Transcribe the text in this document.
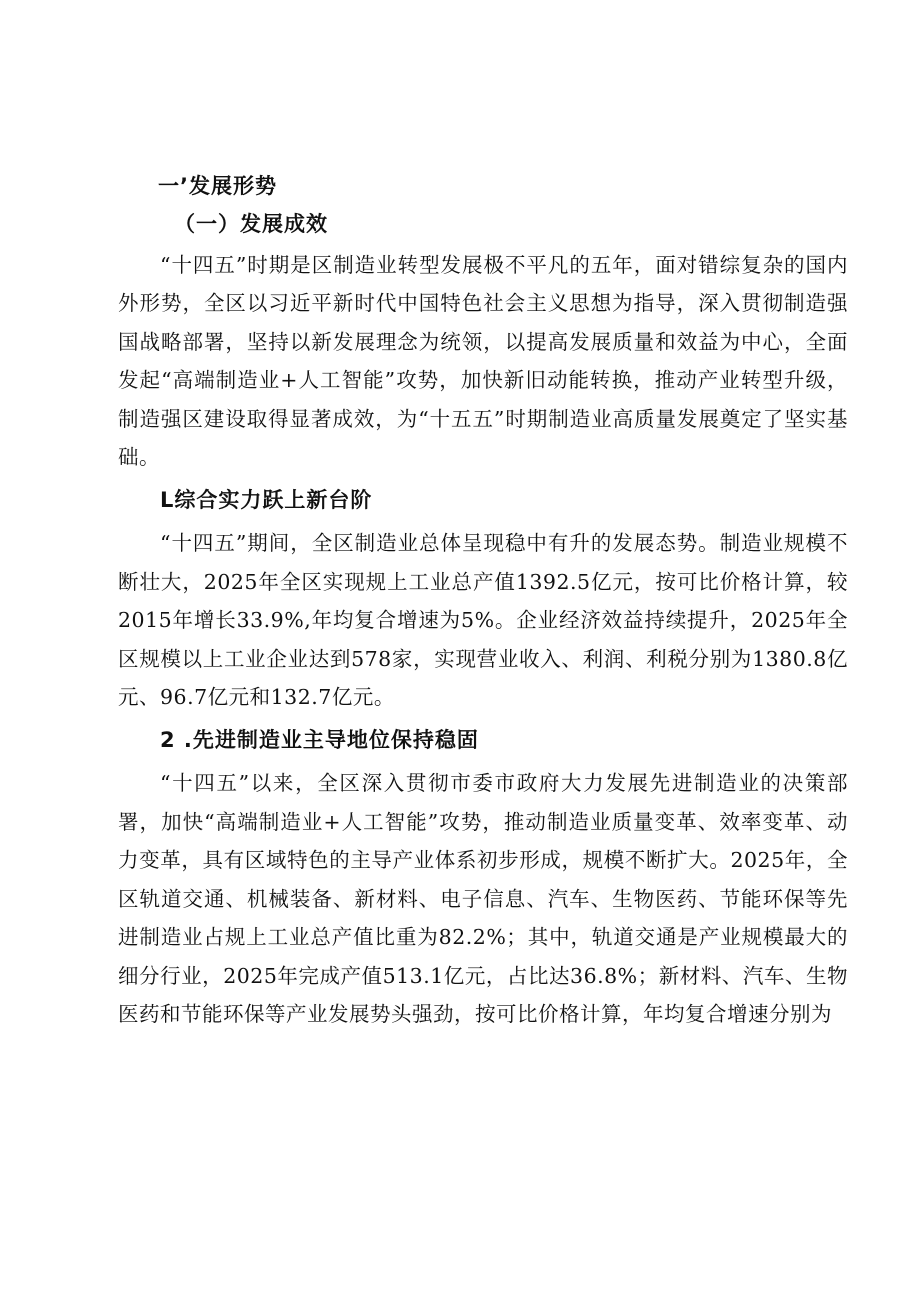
一’发展形势
（一）发展成效

“十四五”时期是区制造业转型发展极不平凡的五年，面对错综复杂的国内外形势，全区以习近平新时代中国特色社会主义思想为指导，深入贯彻制造强国战略部署，坚持以新发展理念为统领，以提高发展质量和效益为中心，全面发起“高端制造业+人工智能”攻势，加快新旧动能转换，推动产业转型升级，制造强区建设取得显著成效，为“十五五”时期制造业高质量发展奠定了坚实基础。

L综合实力跃上新台阶

“十四五”期间，全区制造业总体呈现稳中有升的发展态势。制造业规模不断壮大，2025年全区实现规上工业总产值1392.5亿元，按可比价格计算，较2015年增长33.9%,年均复合增速为5%。企业经济效益持续提升，2025年全区规模以上工业企业达到578家，实现营业收入、利润、利税分别为1380.8亿元、96.7亿元和132.7亿元。

2 .先进制造业主导地位保持稳固

“十四五”以来，全区深入贯彻市委市政府大力发展先进制造业的决策部署，加快“高端制造业+人工智能”攻势，推动制造业质量变革、效率变革、动力变革，具有区域特色的主导产业体系初步形成，规模不断扩大。2025年，全区轨道交通、机械装备、新材料、电子信息、汽车、生物医药、节能环保等先进制造业占规上工业总产值比重为82.2%；其中，轨道交通是产业规模最大的细分行业，2025年完成产值513.1亿元，占比达36.8%；新材料、汽车、生物医药和节能环保等产业发展势头强劲，按可比价格计算，年均复合增速分别为
